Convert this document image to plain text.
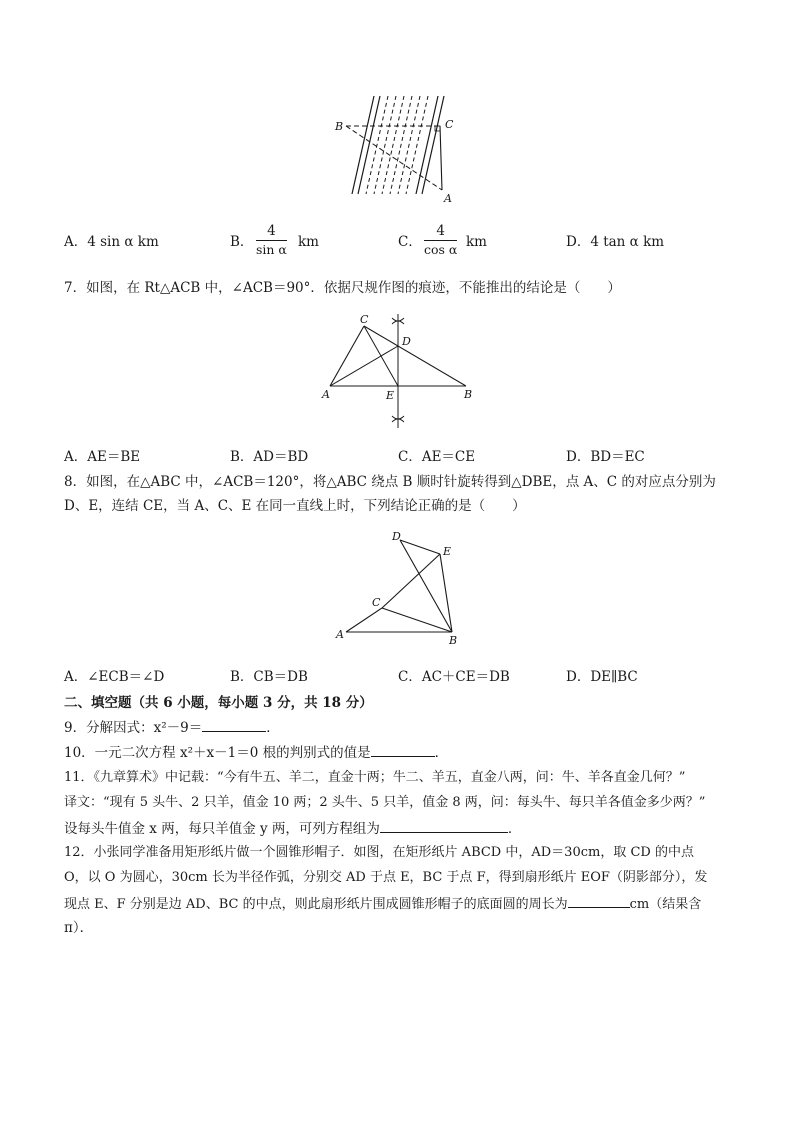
B	C
A
A．4 sin α km	B． $\frac{4}{\text{sin α}}$ km	C． $\frac{4}{\text{cos α}}$ km	D．4 tan α km
7．如图，在 Rt△ACB 中，∠ACB＝90°．依据尺规作图的痕迹，不能推出的结论是（　　）
C
D
A	E	B
A．AE＝BE	B．AD＝BD	C．AE＝CE	D．BD＝EC
8．如图，在△ABC 中，∠ACB＝120°，将△ABC 绕点 B 顺时针旋转得到△DBE，点 A、C 的对应点分别为
D、E，连结 CE，当 A、C、E 在同一直线上时，下列结论正确的是（　　）
D
E
C
A	B
A．∠ECB＝∠D	B．CB＝DB	C．AC＋CE＝DB	D．DE∥BC
二、填空题（共 6 小题，每小题 3 分，共 18 分）
9．分解因式：x²－9＝	．
10．一元二次方程 x²＋x－1＝0 根的判别式的值是	．
11．《九章算术》中记载：“今有牛五、羊二，直金十两；牛二、羊五，直金八两，问：牛、羊各直金几何？”
译文：“现有 5 头牛、2 只羊，值金 10 两；2 头牛、5 只羊，值金 8 两，问：每头牛、每只羊各值金多少两？”
设每头牛值金 x 两，每只羊值金 y 两，可列方程组为	．
12．小张同学准备用矩形纸片做一个圆锥形帽子．如图，在矩形纸片 ABCD 中，AD＝30cm，取 CD 的中点
O，以 O 为圆心，30cm 长为半径作弧，分别交 AD 于点 E，BC 于点 F，得到扇形纸片 EOF（阴影部分），发
现点 E、F 分别是边 AD、BC 的中点，则此扇形纸片围成圆锥形帽子的底面圆的周长为	cm（结果含
π）．
